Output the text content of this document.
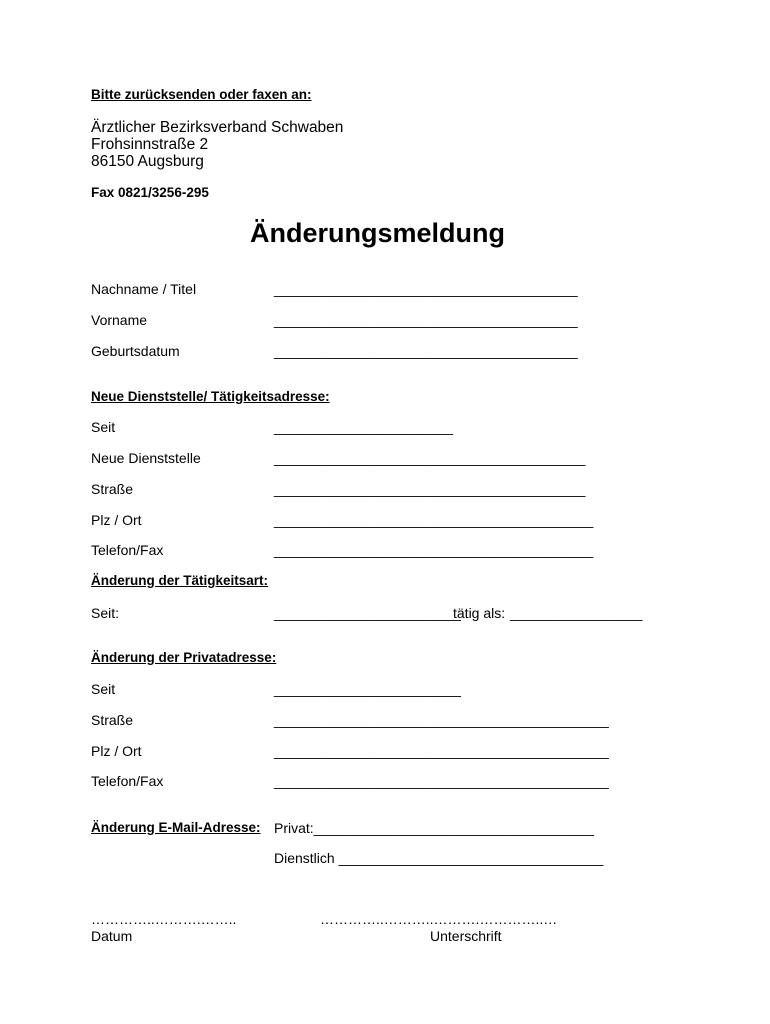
Bitte zurücksenden oder faxen an:
Ärztlicher Bezirksverband Schwaben
Frohsinnstraße 2
86150 Augsburg
Fax 0821/3256-295
Änderungsmeldung
Nachname / Titel	_______________________________________
Vorname	_______________________________________
Geburtsdatum	_______________________________________
Neue Dienststelle/ Tätigkeitsadresse:
Seit	_______________________
Neue Dienststelle	________________________________________
Straße	________________________________________
Plz / Ort	_________________________________________
Telefon/Fax	_________________________________________
Änderung der Tätigkeitsart:
Seit:	________________________
tätig als: _________________
Änderung der Privatadresse:
Seit	________________________
Straße	___________________________________________
Plz / Ort	___________________________________________
Telefon/Fax	___________________________________________
Änderung E-Mail-Adresse: Privat:____________________________________
Dienstlich __________________________________
…………..……….……..
Datum
…………..………..……….…………..…
Unterschrift
